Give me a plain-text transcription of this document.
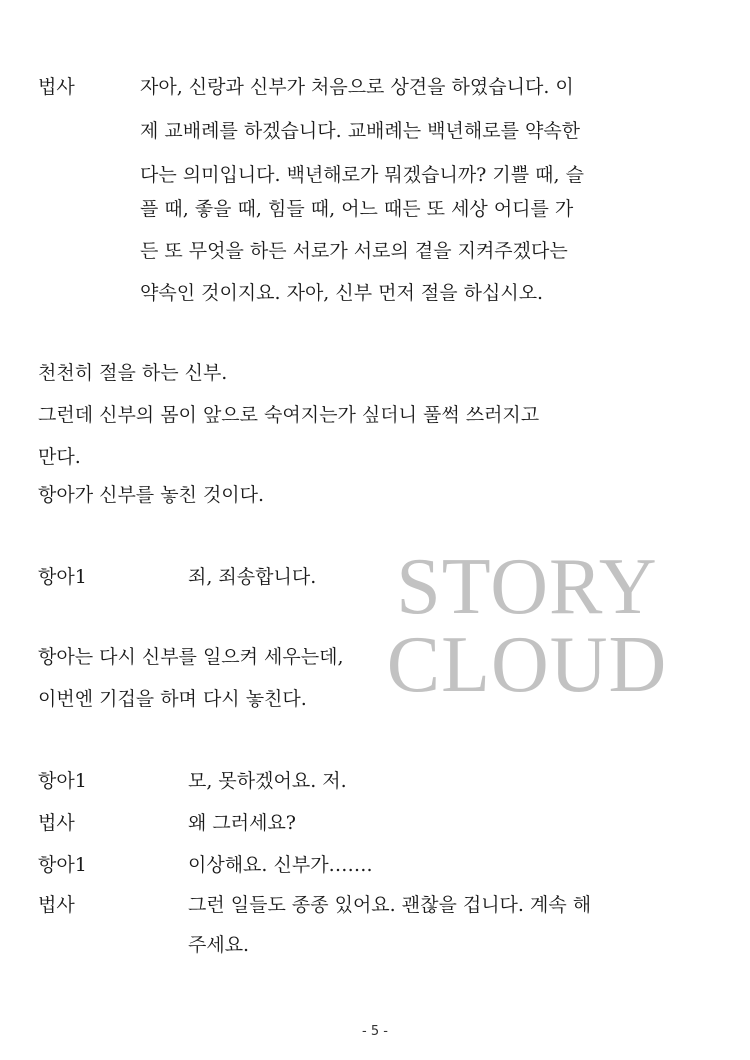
법사	자아, 신랑과 신부가 처음으로 상견을 하였습니다. 이
제 교배례를 하겠습니다. 교배례는 백년해로를 약속한
다는 의미입니다. 백년해로가 뭐겠습니까? 기쁠 때, 슬
플 때, 좋을 때, 힘들 때, 어느 때든 또 세상 어디를 가
든 또 무엇을 하든 서로가 서로의 곁을 지켜주겠다는
약속인 것이지요. 자아, 신부 먼저 절을 하십시오.
천천히 절을 하는 신부.
그런데 신부의 몸이 앞으로 숙여지는가 싶더니 풀썩 쓰러지고
만다.
항아가 신부를 놓친 것이다.
항아1	죄, 죄송합니다.
항아는 다시 신부를 일으켜 세우는데,
이번엔 기겁을 하며 다시 놓친다.
항아1	모, 못하겠어요. 저.
법사	왜 그러세요?
항아1	이상해요. 신부가…….
법사	그런 일들도 종종 있어요. 괜찮을 겁니다. 계속 해
주세요.
STORY
CLOUD
- 5 -
